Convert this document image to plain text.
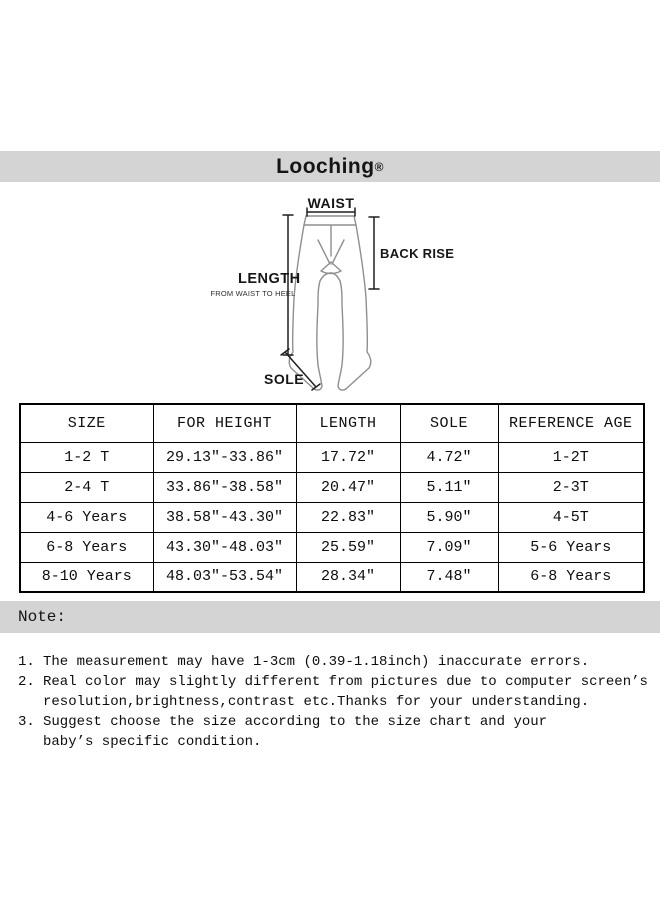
Looching ®
WAIST
BACK RISE
LENGTH
FROM WAIST TO HEEL
SOLE
SIZE	FOR HEIGHT	LENGTH	SOLE	REFERENCE AGE
1-2 T	29.13″-33.86″	17.72″	4.72″	1-2T
2-4 T	33.86″-38.58″	20.47″	5.11″	2-3T
4-6 Years	38.58″-43.30″	22.83″	5.90″	4-5T
6-8 Years	43.30″-48.03″	25.59″	7.09″	5-6 Years
8-10 Years	48.03″-53.54″	28.34″	7.48″	6-8 Years
Note:
1. The measurement may have 1-3cm (0.39-1.18inch) inaccurate errors.
2. Real color may slightly different from pictures due to computer screen’s
resolution,brightness,contrast etc.Thanks for your understanding.
3. Suggest choose the size according to the size chart and your
baby’s specific condition.
